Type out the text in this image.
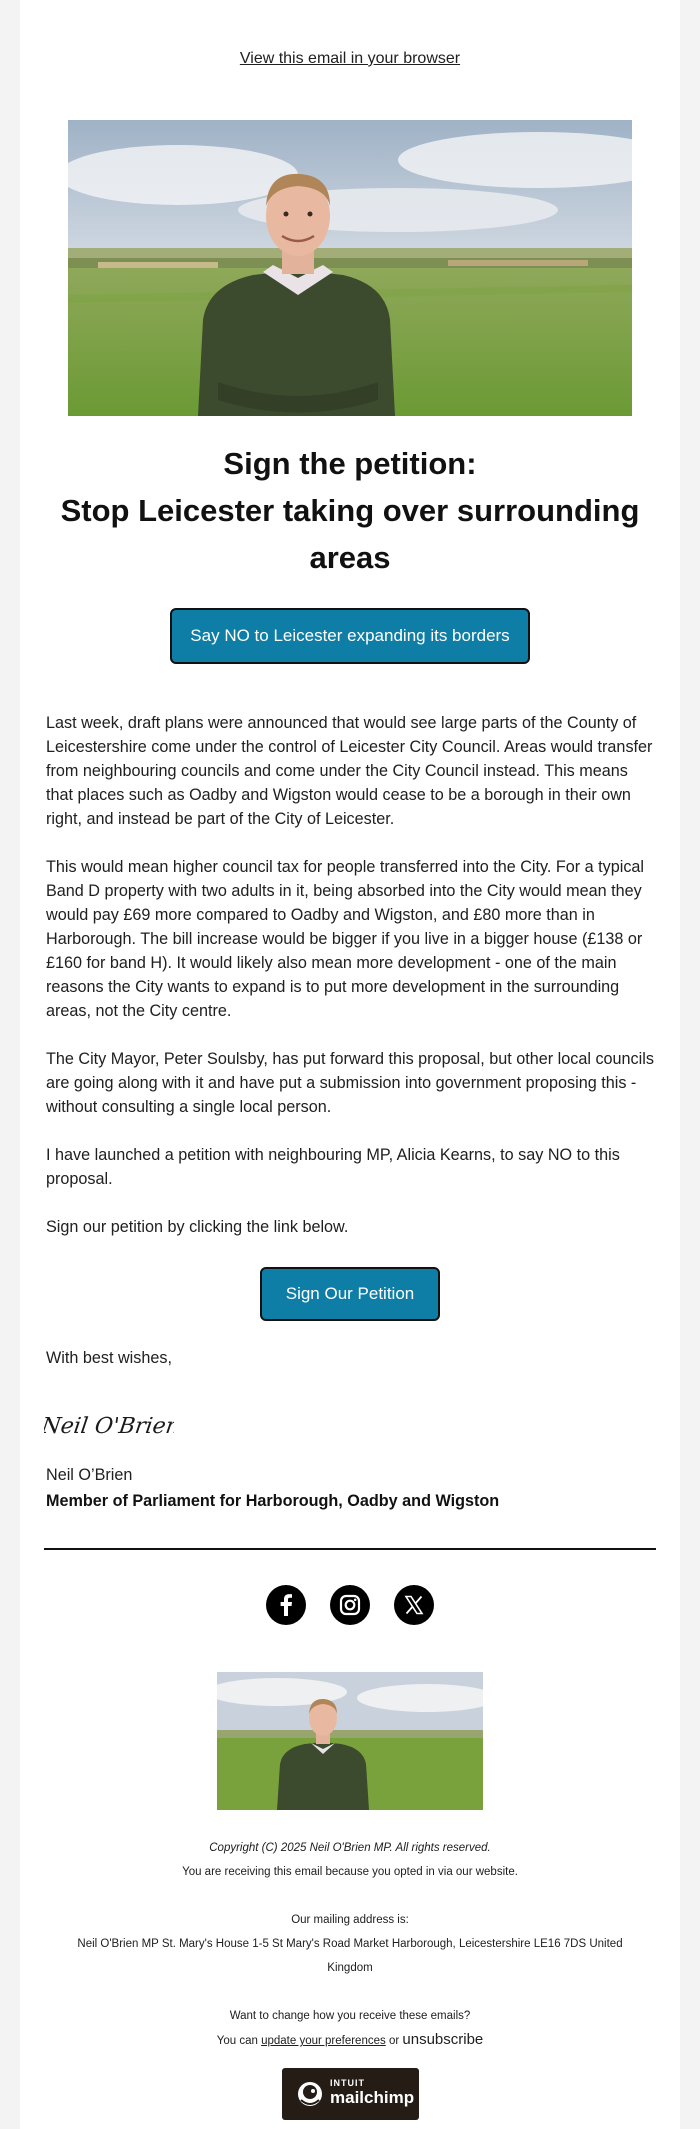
View this email in your browser
Sign the petition:
Stop Leicester taking over surrounding areas
Say NO to Leicester expanding its borders

Last week, draft plans were announced that would see large parts of the County of Leicestershire come under the control of Leicester City Council. Areas would transfer from neighbouring councils and come under the City Council instead. This means that places such as Oadby and Wigston would cease to be a borough in their own right, and instead be part of the City of Leicester.

This would mean higher council tax for people transferred into the City. For a typical Band D property with two adults in it, being absorbed into the City would mean they would pay £69 more compared to Oadby and Wigston, and £80 more than in Harborough. The bill increase would be bigger if you live in a bigger house (£138 or £160 for band H). It would likely also mean more development - one of the main reasons the City wants to expand is to put more development in the surrounding areas, not the City centre.

The City Mayor, Peter Soulsby, has put forward this proposal, but other local councils are going along with it and have put a submission into government proposing this - without consulting a single local person.

I have launched a petition with neighbouring MP, Alicia Kearns, to say NO to this proposal.

Sign our petition by clicking the link below.

Sign Our Petition

With best wishes,

Neil O'Brien
Neil O’Brien
Member of Parliament for Harborough, Oadby and Wigston
Copyright (C) 2025 Neil O'Brien MP. All rights reserved.
You are receiving this email because you opted in via our website.
Our mailing address is:
Neil O'Brien MP St. Mary's House 1-5 St Mary's Road Market Harborough, Leicestershire LE16 7DS United Kingdom
Want to change how you receive these emails?
You can update your preferences or unsubscribe
INTUIT
mailchimp
